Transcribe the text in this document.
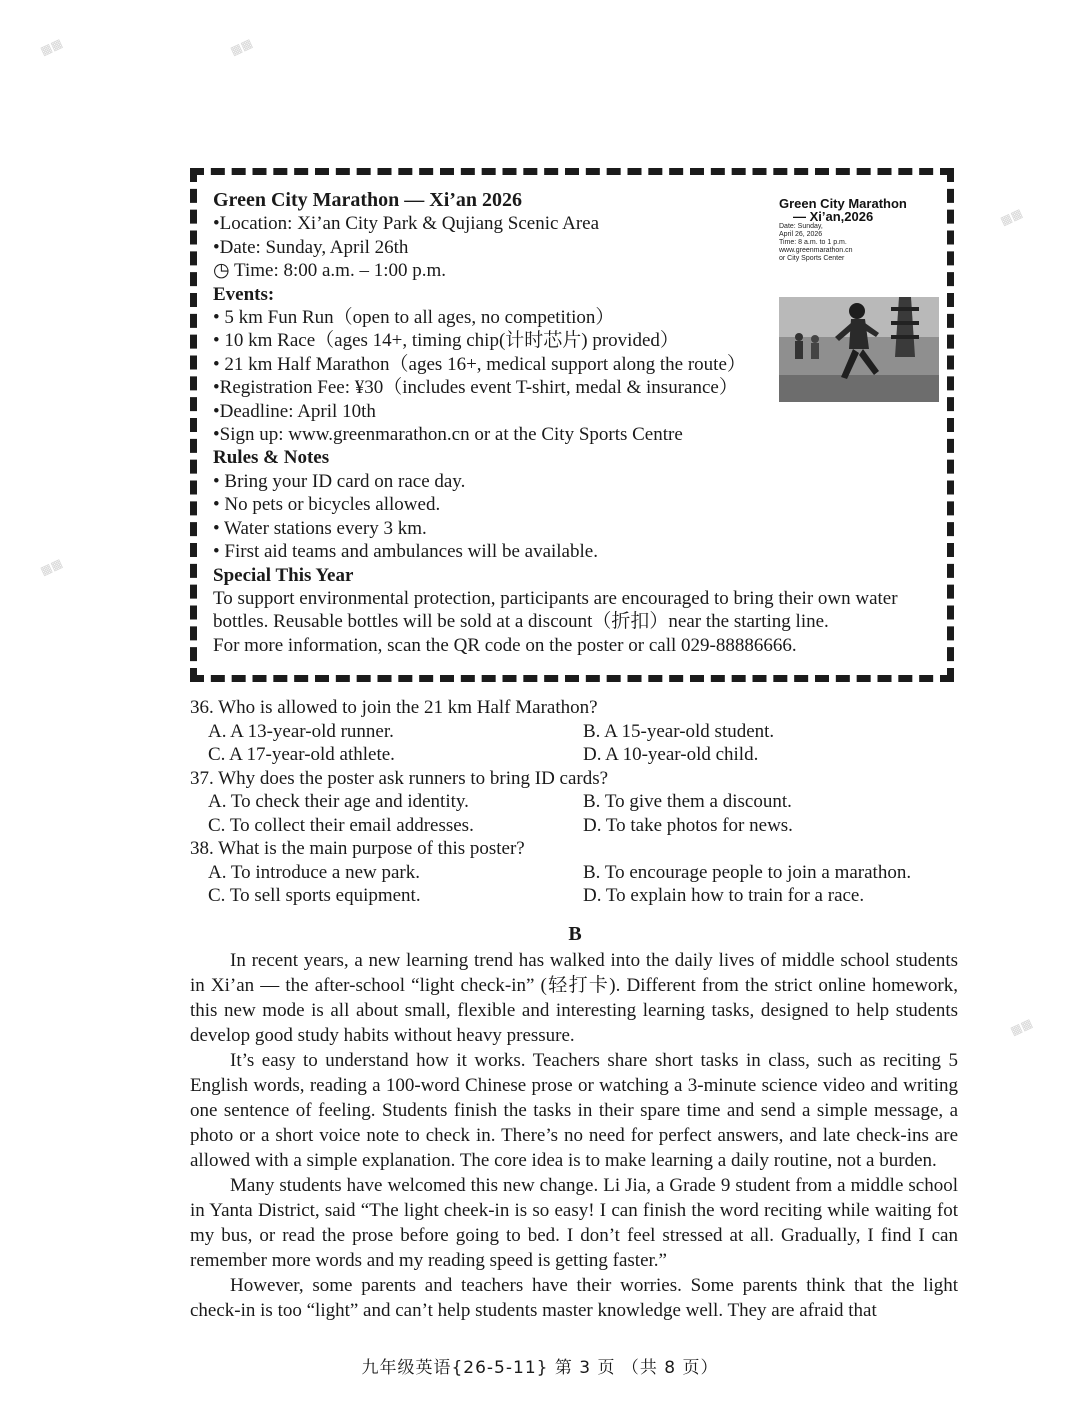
▦▦	▦▦
▦▦
▦▦
▦▦
Green City Marathon — Xi’an 2026
•Location: Xi’an City Park & Qujiang Scenic Area
•Date: Sunday, April 26th
◷ Time: 8:00 a.m. – 1:00 p.m.
Events:
• 5 km Fun Run（open to all ages, no competition）
• 10 km Race（ages 14+, timing chip(计时芯片) provided）
• 21 km Half Marathon（ages 16+, medical support along the route）
•Registration Fee: ¥30（includes event T-shirt, medal & insurance）
•Deadline: April 10th
•Sign up: www.greenmarathon.cn or at the City Sports Centre
Rules & Notes
• Bring your ID card on race day.
• No pets or bicycles allowed.
• Water stations every 3 km.
• First aid teams and ambulances will be available.
Special This Year
To support environmental protection, participants are encouraged to bring their own water bottles. Reusable bottles will be sold at a discount（折扣）near the starting line.
For more information, scan the QR code on the poster or call 029-88886666.
Green City Marathon
— Xi’an,2026
Date: Sunday,
April 26, 2026
Time: 8 a.m. to 1 p.m.
www.greenmarathon.cn
or City Sports Center
36. Who is allowed to join the 21 km Half Marathon?
A. A 13-year-old runner.	B. A 15-year-old student.
C. A 17-year-old athlete.	D. A 10-year-old child.
37. Why does the poster ask runners to bring ID cards?
A. To check their age and identity.	B. To give them a discount.
C. To collect their email addresses.	D. To take photos for news.
38. What is the main purpose of this poster?
A. To introduce a new park.	B. To encourage people to join a marathon.
C. To sell sports equipment.	D. To explain how to train for a race.
B

In recent years, a new learning trend has walked into the daily lives of middle school students in Xi’an — the after-school “light check-in” (轻打卡). Different from the strict online homework, this new mode is all about small, flexible and interesting learning tasks, designed to help students develop good study habits without heavy pressure.

It’s easy to understand how it works. Teachers share short tasks in class, such as reciting 5 English words, reading a 100-word Chinese prose or watching a 3-minute science video and writing one sentence of feeling. Students finish the tasks in their spare time and send a simple message, a photo or a short voice note to check in. There’s no need for perfect answers, and late check-ins are allowed with a simple explanation. The core idea is to make learning a daily routine, not a burden.

Many students have welcomed this new change. Li Jia, a Grade 9 student from a middle school in Yanta District, said “The light cheek-in is so easy! I can finish the word reciting while waiting fot my bus, or read the prose before going to bed. I don’t feel stressed at all. Gradually, I find I can remember more words and my reading speed is getting faster.”

However, some parents and teachers have their worries. Some parents think that the light check-in is too “light” and can’t help students master knowledge well. They are afraid that

九年级英语{26-5-11} 第 3 页 （共 8 页）
